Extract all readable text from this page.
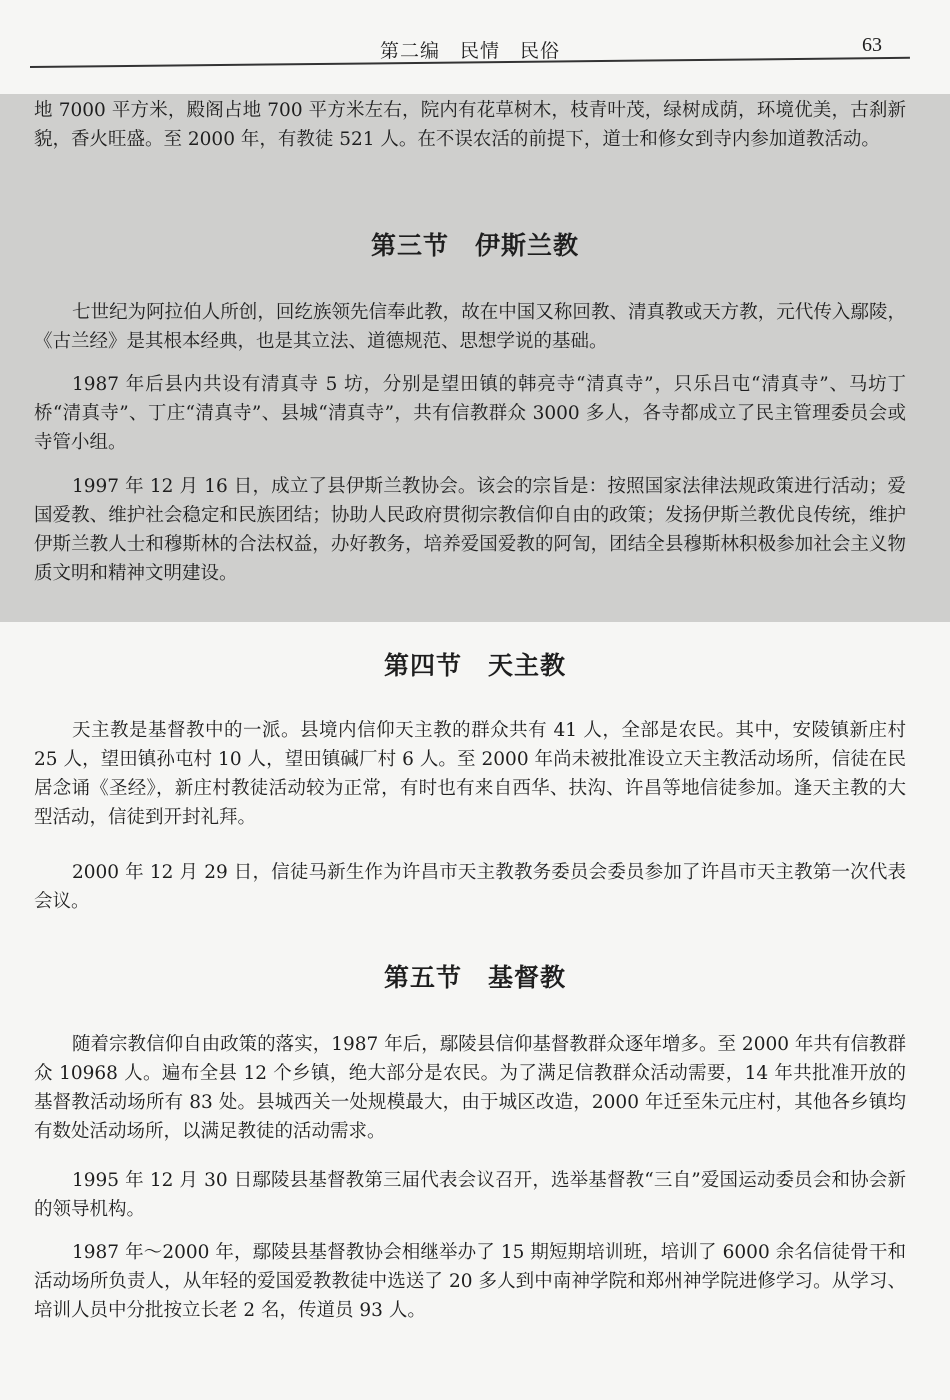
第二编　民情　民俗	63

地 7000 平方米，殿阁占地 700 平方米左右，院内有花草树木，枝青叶茂，绿树成荫，环境优美，古刹新貌，香火旺盛。至 2000 年，有教徒 521 人。在不误农活的前提下，道士和修女到寺内参加道教活动。

第三节　伊斯兰教

七世纪为阿拉伯人所创，回纥族领先信奉此教，故在中国又称回教、清真教或天方教，元代传入鄢陵，《古兰经》是其根本经典，也是其立法、道德规范、思想学说的基础。

1987 年后县内共设有清真寺 5 坊，分别是望田镇的韩亮寺“清真寺”，只乐吕屯“清真寺”、马坊丁桥“清真寺”、丁庄“清真寺”、县城“清真寺”，共有信教群众 3000 多人，各寺都成立了民主管理委员会或寺管小组。

1997 年 12 月 16 日，成立了县伊斯兰教协会。该会的宗旨是：按照国家法律法规政策进行活动；爱国爱教、维护社会稳定和民族团结；协助人民政府贯彻宗教信仰自由的政策；发扬伊斯兰教优良传统，维护伊斯兰教人士和穆斯林的合法权益，办好教务，培养爱国爱教的阿訇，团结全县穆斯林积极参加社会主义物质文明和精神文明建设。

第四节　天主教

天主教是基督教中的一派。县境内信仰天主教的群众共有 41 人，全部是农民。其中，安陵镇新庄村 25 人，望田镇孙屯村 10 人，望田镇碱厂村 6 人。至 2000 年尚未被批准设立天主教活动场所，信徒在民居念诵《圣经》，新庄村教徒活动较为正常，有时也有来自西华、扶沟、许昌等地信徒参加。逢天主教的大型活动，信徒到开封礼拜。

2000 年 12 月 29 日，信徒马新生作为许昌市天主教教务委员会委员参加了许昌市天主教第一次代表会议。

第五节　基督教

随着宗教信仰自由政策的落实，1987 年后，鄢陵县信仰基督教群众逐年增多。至 2000 年共有信教群众 10968 人。遍布全县 12 个乡镇，绝大部分是农民。为了满足信教群众活动需要，14 年共批准开放的基督教活动场所有 83 处。县城西关一处规模最大，由于城区改造，2000 年迁至朱元庄村，其他各乡镇均有数处活动场所，以满足教徒的活动需求。

1995 年 12 月 30 日鄢陵县基督教第三届代表会议召开，选举基督教“三自”爱国运动委员会和协会新的领导机构。

1987 年～2000 年，鄢陵县基督教协会相继举办了 15 期短期培训班，培训了 6000 余名信徒骨干和活动场所负责人，从年轻的爱国爱教教徒中选送了 20 多人到中南神学院和郑州神学院进修学习。从学习、培训人员中分批按立长老 2 名，传道员 93 人。
